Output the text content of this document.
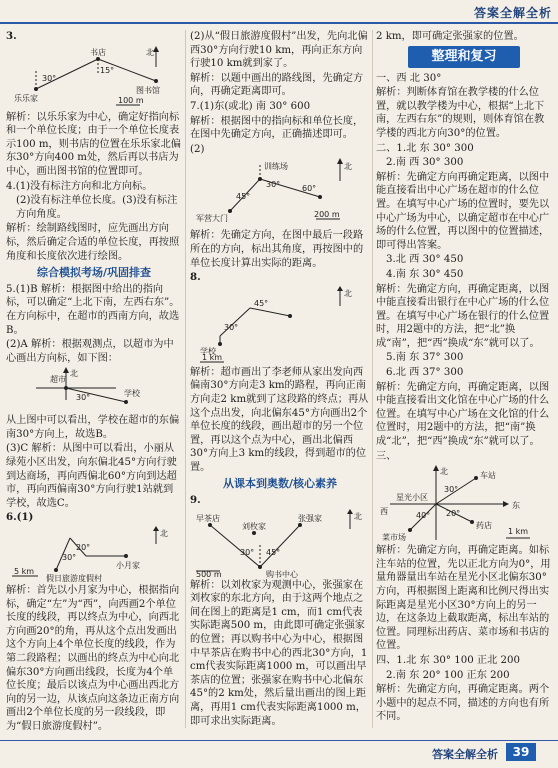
答案全解全析
3.
北
书店
15°
30°
乐乐家
图书馆
100 m
解析：以乐乐家为中心，确定好指向标和一个单位长度；由于一个单位长度表示100 m，则书店的位置在乐乐家北偏东30°方向400 m处，然后再以书店为中心，画出图书馆的位置即可。
4.(1)没有标注方向和北方向标。
(2)没有标注单位长度。(3)没有标注方向角度。
解析：绘制路线图时，应先画出方向标，然后确定合适的单位长度，再按照角度和长度依次进行绘图。
综合模拟考场/巩固排查
5.(1)B 解析：根据图中给出的指向标，可以确定“上北下南，左西右东”。在方向标中，在超市的西南方向，故选B。
(2)A 解析：根据观测点，以超市为中心画出方向标，如下图：
北
超市
30°	学校
从上图中可以看出，学校在超市的东偏南30°方向上，故选B。
(3)C 解析：从图中可以看出，小丽从绿苑小区出发，向东偏北45°方向行驶到达商场，再向西偏北60°方向到达超市，再向西偏南30°方向行驶1站就到学校，故选C。
6.(1)
北
20°
30°
小月家
5 km
假日旅游度假村
解析：首先以小月家为中心，根据指向标，确定“左”为“西”，向西画2个单位长度的线段，再以终点为中心，向西北方向画20°的角，再从这个点出发画出这个方向上4个单位长度的线段，作为第二段路程；以画出的终点为中心向北偏东30°方向画出线段，长度为4个单位长度；最后以该点为中心画出西北方向的另一边，从该点向这条边正南方向画出2个单位长度的另一段线段，即为“假日旅游度假村”。
(2)从“假日旅游度假村”出发，先向北偏西30°方向行驶10 km，再向正东方向行驶10 km就到家了。
解析：以题中画出的路线图，先确定方向，再确定距离即可。
7.(1)东(或北) 南 30° 600
解析：根据图中的指向标和单位长度，在图中先确定方向，正确描述即可。
(2)
北
训练场
30°
45°
60°
军营大门	200 m
解析：先确定方向，在图中最后一段路所在的方向，标出其角度，再按图中的单位长度计算出实际的距离。
8.
北
45°
30°
学校
1 km
解析：超市画出了李老师从家出发向西偏南30°方向走3 km的路程，再向正南方向走2 km就到了这段路的终点；再从这个点出发，向北偏东45°方向画出2个单位长度的线段，画出超市的另一个位置，再以这个点为中心，画出北偏西30°方向上3 km的线段，得到超市的位置。
从课本到奥数/核心素养
9.
北
早茶店
刘枚家
张强家
30° 45°
500 m	购书中心
解析：以刘枚家为观测中心，张强家在刘枚家的东北方向，由于这两个地点之间在图上的距离是1 cm，而1 cm代表实际距离500 m，由此即可确定张强家的位置；再以购书中心为中心，根据图中早茶店在购书中心的西北30°方向，1 cm代表实际距离1000 m，可以画出早茶店的位置；张强家在购书中心北偏东45°的2 km处，然后量出画出的图上距离，再用1 cm代表实际距离1000 m，即可求出实际距离。
2 km，即可确定张强家的位置。
整理和复习
一、西 北 30°
解析：判断体育馆在教学楼的什么位置，就以教学楼为中心，根据“上北下南，左西右东”的规则，则体育馆在教学楼的西北方向30°的位置。
二、1.北 东 30° 300
2.南 西 30° 300
解析：先确定方向再确定距离，以图中能直接看出中心广场在超市的什么位置。在填写中心广场的位置时，要先以中心广场为中心，以确定超市在中心广场的什么位置，再以图中的位置描述，即可得出答案。
3.北 西 30° 450
4.南 东 30° 450
解析：先确定方向，再确定距离，以图中能直接看出银行在中心广场的什么位置。在填写中心广场在银行的什么位置时，用2题中的方法，把“北”换成“南”，把“西”换成“东”就可以了。
5.南 东 37° 300
6.北 西 37° 300
解析：先确定方向，再确定距离，以图中能直接看出文化馆在中心广场的什么位置。在填写中心广场在文化馆的什么位置时，用2题中的方法，把“南”换成“北”，把“西”换成“东”就可以了。
三、
北
西
东
车站
星光小区
30°
20°
40°
药店
菜市场
1 km
解析：先确定方向，再确定距离。如标注车站的位置，先以正北方向为0°，用量角器量出车站在星光小区北偏东30°方向，再根据图上距离和比例尺得出实际距离是星光小区30°方向上的另一边，在这条边上截取距离，标出车站的位置。同理标出药店、菜市场和书店的位置。
四、1.北 东 30° 100 正北 200
2.南 东 20° 100 正东 200
解析：先确定方向，再确定距离。两个小题中的起点不同，描述的方向也有所不同。
答案全解全析	39
